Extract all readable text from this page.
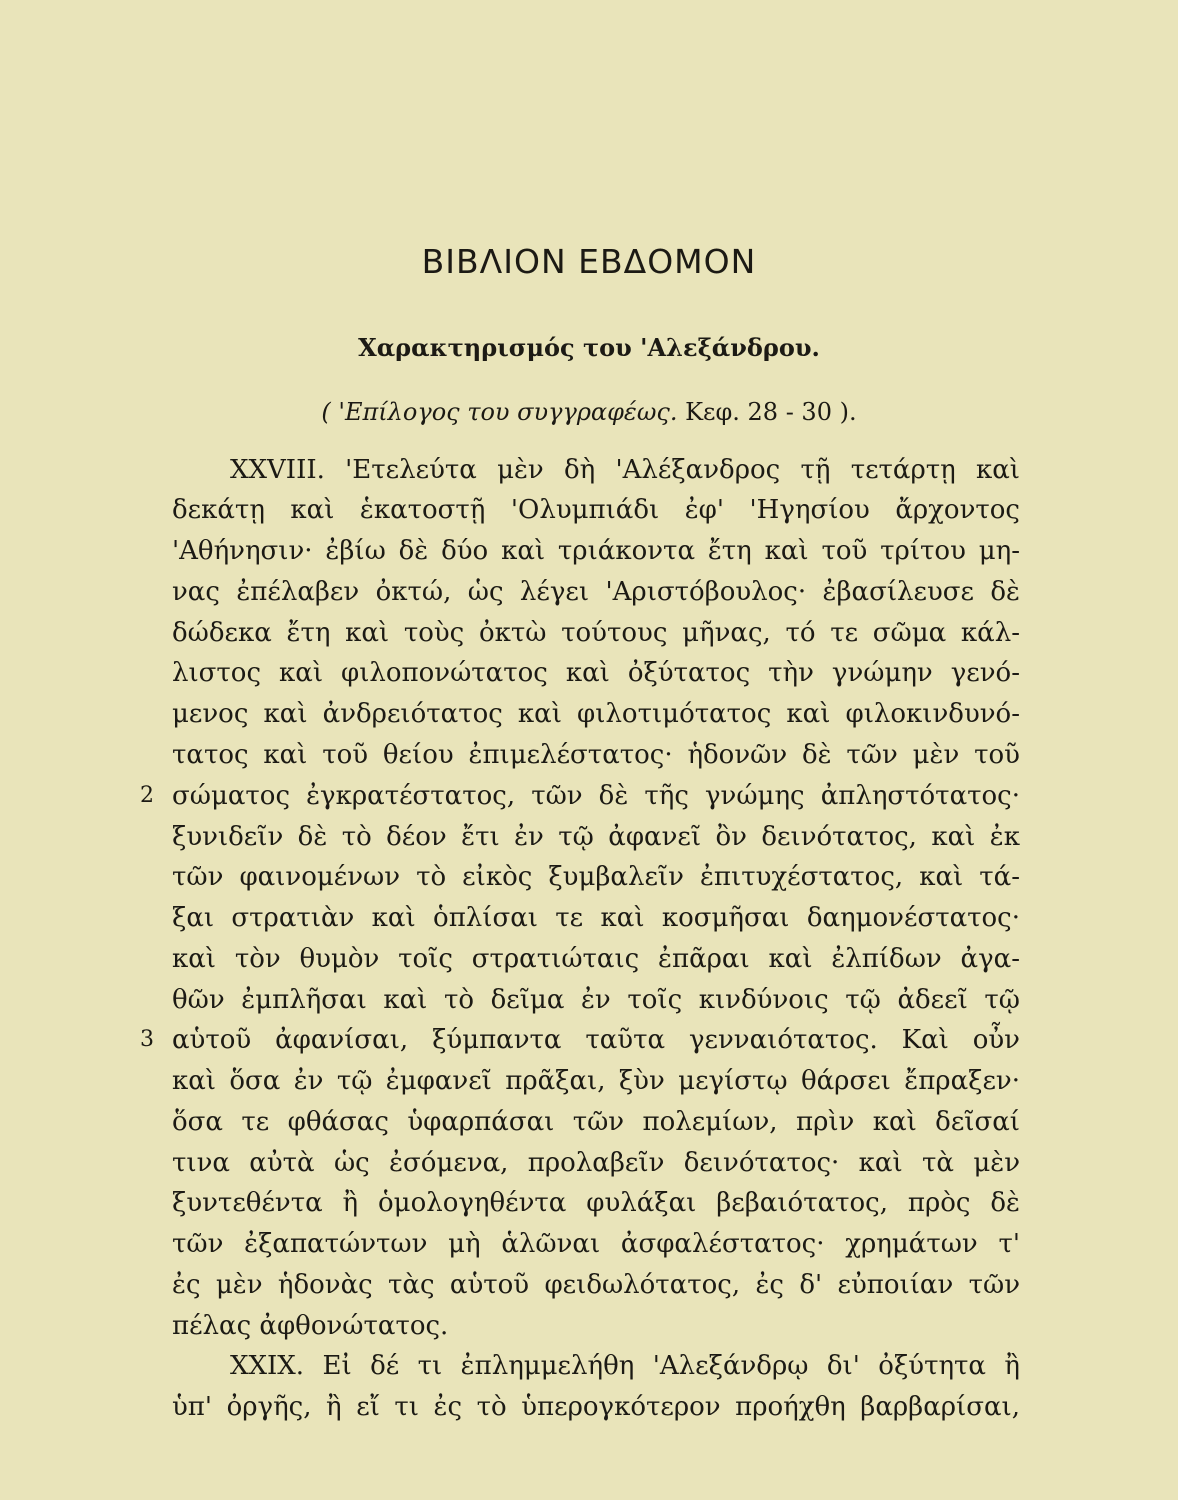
ΒΙΒΛΙΟΝ ΕΒΔΟΜΟΝ

Χαρακτηρισμός του 'Αλεξάνδρου.

( 'Επίλογος του συγγραφέως. Κεφ. 28 - 30 ).

XXVIII. 'Ετελεύτα μὲν δὴ 'Αλέξανδρος τῇ τετάρτῃ καὶ
δεκάτῃ καὶ ἑκατοστῇ 'Ολυμπιάδι ἐφ' 'Ηγησίου ἄρχοντος
'Αθήνησιν· ἐβίω δὲ δύο καὶ τριάκοντα ἔτη καὶ τοῦ τρίτου μη-
νας ἐπέλαβεν ὀκτώ, ὡς λέγει 'Αριστόβουλος· ἐβασίλευσε δὲ
δώδεκα ἔτη καὶ τοὺς ὀκτὼ τούτους μῆνας, τό τε σῶμα κάλ-
λιστος καὶ φιλοπονώτατος καὶ ὀξύτατος τὴν γνώμην γενό-
μενος καὶ ἀνδρειότατος καὶ φιλοτιμότατος καὶ φιλοκινδυνό-
τατος καὶ τοῦ θείου ἐπιμελέστατος· ἡδονῶν δὲ τῶν μὲν τοῦ
2 σώματος ἐγκρατέστατος, τῶν δὲ τῆς γνώμης ἀπληστότατος·
ξυνιδεῖν δὲ τὸ δέον ἔτι ἐν τῷ ἀφανεῖ ὂν δεινότατος, καὶ ἐκ
τῶν φαινομένων τὸ εἰκὸς ξυμβαλεῖν ἐπιτυχέστατος, καὶ τά-
ξαι στρατιὰν καὶ ὁπλίσαι τε καὶ κοσμῆσαι δαημονέστατος·
καὶ τὸν θυμὸν τοῖς στρατιώταις ἐπᾶραι καὶ ἐλπίδων ἀγα-
θῶν ἐμπλῆσαι καὶ τὸ δεῖμα ἐν τοῖς κινδύνοις τῷ ἀδεεῖ τῷ
3 αὑτοῦ ἀφανίσαι, ξύμπαντα ταῦτα γενναιότατος. Καὶ οὖν
καὶ ὅσα ἐν τῷ ἐμφανεῖ πρᾶξαι, ξὺν μεγίστῳ θάρσει ἔπραξεν·
ὅσα τε φθάσας ὑφαρπάσαι τῶν πολεμίων, πρὶν καὶ δεῖσαί
τινα αὐτὰ ὡς ἐσόμενα, προλαβεῖν δεινότατος· καὶ τὰ μὲν
ξυντεθέντα ἢ ὁμολογηθέντα φυλάξαι βεβαιότατος, πρὸς δὲ
τῶν ἐξαπατώντων μὴ ἁλῶναι ἀσφαλέστατος· χρημάτων τ'
ἐς μὲν ἡδονὰς τὰς αὑτοῦ φειδωλότατος, ἐς δ' εὐποιίαν τῶν
πέλας ἀφθονώτατος.
XXIX. Εἰ δέ τι ἐπλημμελήθη 'Αλεξάνδρῳ δι' ὀξύτητα ἢ
ὑπ' ὀργῆς, ἢ εἴ τι ἐς τὸ ὑπερογκότερον προήχθη βαρβαρίσαι,
